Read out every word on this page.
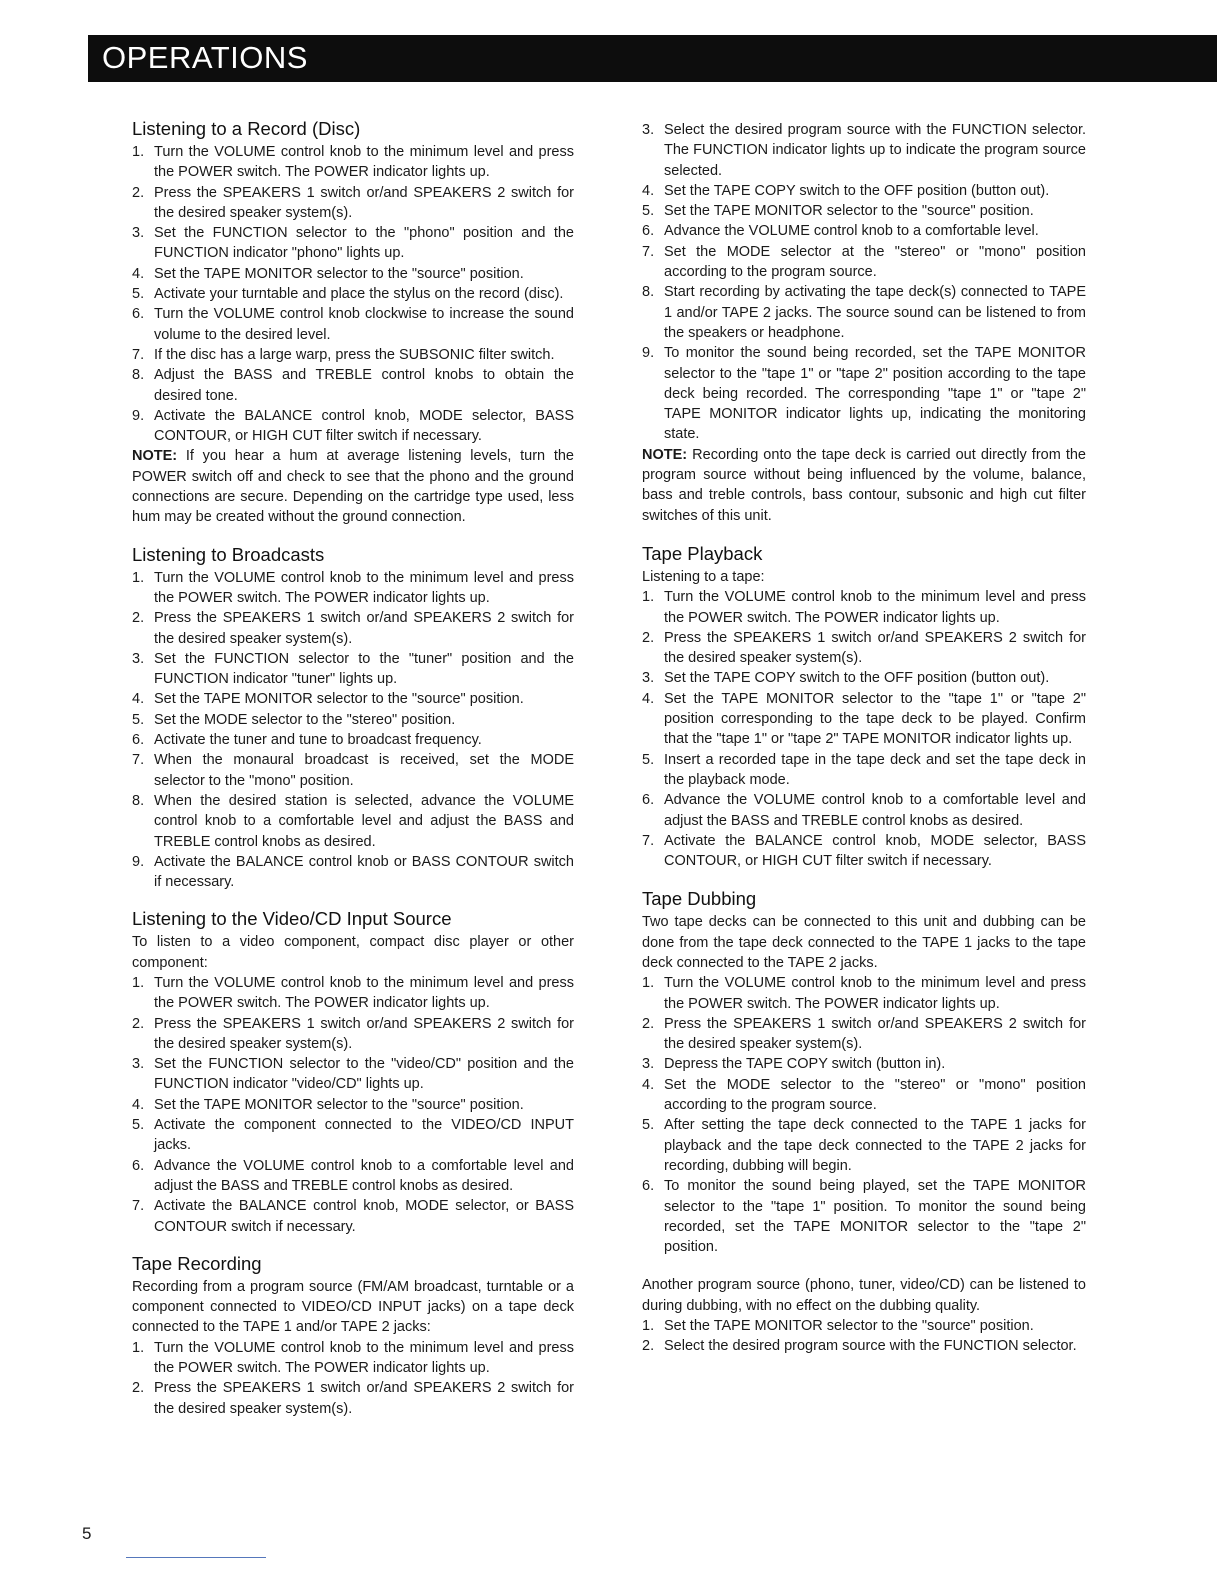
OPERATIONS
Listening to a Record (Disc)
1. Turn the VOLUME control knob to the minimum level and press the POWER switch. The POWER indicator lights up.
2. Press the SPEAKERS 1 switch or/and SPEAKERS 2 switch for the desired speaker system(s).
3. Set the FUNCTION selector to the "phono" position and the FUNCTION indicator "phono" lights up.
4. Set the TAPE MONITOR selector to the "source" position.
5. Activate your turntable and place the stylus on the record (disc).
6. Turn the VOLUME control knob clockwise to increase the sound volume to the desired level.
7. If the disc has a large warp, press the SUBSONIC filter switch.
8. Adjust the BASS and TREBLE control knobs to obtain the desired tone.
9. Activate the BALANCE control knob, MODE selector, BASS CONTOUR, or HIGH CUT filter switch if necessary.

NOTE: If you hear a hum at average listening levels, turn the POWER switch off and check to see that the phono and the ground connections are secure. Depending on the cartridge type used, less hum may be created without the ground connection.

Listening to Broadcasts
1. Turn the VOLUME control knob to the minimum level and press the POWER switch. The POWER indicator lights up.
2. Press the SPEAKERS 1 switch or/and SPEAKERS 2 switch for the desired speaker system(s).
3. Set the FUNCTION selector to the "tuner" position and the FUNCTION indicator "tuner" lights up.
4. Set the TAPE MONITOR selector to the "source" position.
5. Set the MODE selector to the "stereo" position.
6. Activate the tuner and tune to broadcast frequency.
7. When the monaural broadcast is received, set the MODE selector to the "mono" position.
8. When the desired station is selected, advance the VOLUME control knob to a comfortable level and adjust the BASS and TREBLE control knobs as desired.
9. Activate the BALANCE control knob or BASS CONTOUR switch if necessary.
Listening to the Video/CD Input Source

To listen to a video component, compact disc player or other component:

1. Turn the VOLUME control knob to the minimum level and press the POWER switch. The POWER indicator lights up.
2. Press the SPEAKERS 1 switch or/and SPEAKERS 2 switch for the desired speaker system(s).
3. Set the FUNCTION selector to the "video/CD" position and the FUNCTION indicator "video/CD" lights up.
4. Set the TAPE MONITOR selector to the "source" position.
5. Activate the component connected to the VIDEO/CD INPUT jacks.
6. Advance the VOLUME control knob to a comfortable level and adjust the BASS and TREBLE control knobs as desired.
7. Activate the BALANCE control knob, MODE selector, or BASS CONTOUR switch if necessary.
Tape Recording

Recording from a program source (FM/AM broadcast, turntable or a component connected to VIDEO/CD INPUT jacks) on a tape deck connected to the TAPE 1 and/or TAPE 2 jacks:

1. Turn the VOLUME control knob to the minimum level and press the POWER switch. The POWER indicator lights up.
2. Press the SPEAKERS 1 switch or/and SPEAKERS 2 switch for the desired speaker system(s).
3. Select the desired program source with the FUNCTION selector. The FUNCTION indicator lights up to indicate the program source selected.
4. Set the TAPE COPY switch to the OFF position (button out).
5. Set the TAPE MONITOR selector to the "source" position.
6. Advance the VOLUME control knob to a comfortable level.
7. Set the MODE selector at the "stereo" or "mono" position according to the program source.
8. Start recording by activating the tape deck(s) connected to TAPE 1 and/or TAPE 2 jacks. The source sound can be listened to from the speakers or headphone.
9. To monitor the sound being recorded, set the TAPE MONITOR selector to the "tape 1" or "tape 2" position according to the tape deck being recorded. The corresponding "tape 1" or "tape 2" TAPE MONITOR indicator lights up, indicating the monitoring state.

NOTE: Recording onto the tape deck is carried out directly from the program source without being influenced by the volume, balance, bass and treble controls, bass contour, subsonic and high cut filter switches of this unit.

Tape Playback

Listening to a tape:

1. Turn the VOLUME control knob to the minimum level and press the POWER switch. The POWER indicator lights up.
2. Press the SPEAKERS 1 switch or/and SPEAKERS 2 switch for the desired speaker system(s).
3. Set the TAPE COPY switch to the OFF position (button out).
4. Set the TAPE MONITOR selector to the "tape 1" or "tape 2" position corresponding to the tape deck to be played. Confirm that the "tape 1" or "tape 2" TAPE MONITOR indicator lights up.
5. Insert a recorded tape in the tape deck and set the tape deck in the playback mode.
6. Advance the VOLUME control knob to a comfortable level and adjust the BASS and TREBLE control knobs as desired.
7. Activate the BALANCE control knob, MODE selector, BASS CONTOUR, or HIGH CUT filter switch if necessary.
Tape Dubbing

Two tape decks can be connected to this unit and dubbing can be done from the tape deck connected to the TAPE 1 jacks to the tape deck connected to the TAPE 2 jacks.

1. Turn the VOLUME control knob to the minimum level and press the POWER switch. The POWER indicator lights up.
2. Press the SPEAKERS 1 switch or/and SPEAKERS 2 switch for the desired speaker system(s).
3. Depress the TAPE COPY switch (button in).
4. Set the MODE selector to the "stereo" or "mono" position according to the program source.
5. After setting the tape deck connected to the TAPE 1 jacks for playback and the tape deck connected to the TAPE 2 jacks for recording, dubbing will begin.
6. To monitor the sound being played, set the TAPE MONITOR selector to the "tape 1" position. To monitor the sound being recorded, set the TAPE MONITOR selector to the "tape 2" position.

Another program source (phono, tuner, video/CD) can be listened to during dubbing, with no effect on the dubbing quality.

1. Set the TAPE MONITOR selector to the "source" position.
2. Select the desired program source with the FUNCTION selector.
5
